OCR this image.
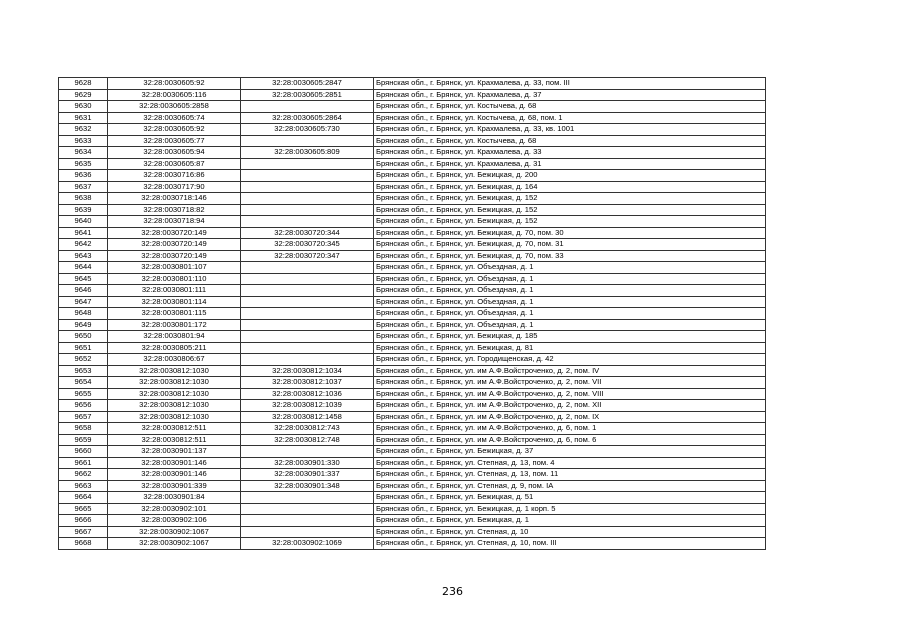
9628	32:28:0030605:92	32:28:0030605:2847	Брянская обл., г. Брянск, ул. Крахмалева, д. 33, пом. III
9629	32:28:0030605:116	32:28:0030605:2851	Брянская обл., г. Брянск, ул. Крахмалева, д. 37
9630	32:28:0030605:2858		Брянская обл., г. Брянск, ул. Костычева, д. 68
9631	32:28:0030605:74	32:28:0030605:2864	Брянская обл., г. Брянск, ул. Костычева, д. 68, пом. 1
9632	32:28:0030605:92	32:28:0030605:730	Брянская обл., г. Брянск, ул. Крахмалева, д. 33, кв. 1001
9633	32:28:0030605:77		Брянская обл., г. Брянск, ул. Костычева, д. 68
9634	32:28:0030605:94	32:28:0030605:809	Брянская обл., г. Брянск, ул. Крахмалева, д. 33
9635	32:28:0030605:87		Брянская обл., г. Брянск, ул. Крахмалева, д. 31
9636	32:28:0030716:86		Брянская обл., г. Брянск, ул. Бежицкая, д. 200
9637	32:28:0030717:90		Брянская обл., г. Брянск, ул. Бежицкая, д. 164
9638	32:28:0030718:146		Брянская обл., г. Брянск, ул. Бежицкая, д. 152
9639	32:28:0030718:82		Брянская обл., г. Брянск, ул. Бежицкая, д. 152
9640	32:28:0030718:94		Брянская обл., г. Брянск, ул. Бежицкая, д. 152
9641	32:28:0030720:149	32:28:0030720:344	Брянская обл., г. Брянск, ул. Бежицкая, д. 70, пом. 30
9642	32:28:0030720:149	32:28:0030720:345	Брянская обл., г. Брянск, ул. Бежицкая, д. 70, пом. 31
9643	32:28:0030720:149	32:28:0030720:347	Брянская обл., г. Брянск, ул. Бежицкая, д. 70, пом. 33
9644	32:28:0030801:107		Брянская обл., г. Брянск, ул. Объездная, д. 1
9645	32:28:0030801:110		Брянская обл., г. Брянск, ул. Объездная, д. 1
9646	32:28:0030801:111		Брянская обл., г. Брянск, ул. Объездная, д. 1
9647	32:28:0030801:114		Брянская обл., г. Брянск, ул. Объездная, д. 1
9648	32:28:0030801:115		Брянская обл., г. Брянск, ул. Объездная, д. 1
9649	32:28:0030801:172		Брянская обл., г. Брянск, ул. Объездная, д. 1
9650	32:28:0030801:94		Брянская обл., г. Брянск, ул. Бежицкая, д. 185
9651	32:28:0030805:211		Брянская обл., г. Брянск, ул. Бежицкая, д. 81
9652	32:28:0030806:67		Брянская обл., г. Брянск, ул. Городищенская, д. 42
9653	32:28:0030812:1030	32:28:0030812:1034	Брянская обл., г. Брянск, ул. им А.Ф.Войстроченко, д. 2, пом. IV
9654	32:28:0030812:1030	32:28:0030812:1037	Брянская обл., г. Брянск, ул. им А.Ф.Войстроченко, д. 2, пом. VII
9655	32:28:0030812:1030	32:28:0030812:1036	Брянская обл., г. Брянск, ул. им А.Ф.Войстроченко, д. 2, пом. VIII
9656	32:28:0030812:1030	32:28:0030812:1039	Брянская обл., г. Брянск, ул. им А.Ф.Войстроченко, д. 2, пом. XII
9657	32:28:0030812:1030	32:28:0030812:1458	Брянская обл., г. Брянск, ул. им А.Ф.Войстроченко, д. 2, пом. IX
9658	32:28:0030812:511	32:28:0030812:743	Брянская обл., г. Брянск, ул. им А.Ф.Войстроченко, д. 6, пом. 1
9659	32:28:0030812:511	32:28:0030812:748	Брянская обл., г. Брянск, ул. им А.Ф.Войстроченко, д. 6, пом. 6
9660	32:28:0030901:137		Брянская обл., г. Брянск, ул. Бежицкая, д. 37
9661	32:28:0030901:146	32:28:0030901:330	Брянская обл., г. Брянск, ул. Степная, д. 13, пом. 4
9662	32:28:0030901:146	32:28:0030901:337	Брянская обл., г. Брянск, ул. Степная, д. 13, пом. 11
9663	32:28:0030901:339	32:28:0030901:348	Брянская обл., г. Брянск, ул. Степная, д. 9, пом. IA
9664	32:28:0030901:84		Брянская обл., г. Брянск, ул. Бежицкая, д. 51
9665	32:28:0030902:101		Брянская обл., г. Брянск, ул. Бежицкая, д. 1 корп. 5
9666	32:28:0030902:106		Брянская обл., г. Брянск, ул. Бежицкая, д. 1
9667	32:28:0030902:1067		Брянская обл., г. Брянск, ул. Степная, д. 10
9668	32:28:0030902:1067	32:28:0030902:1069	Брянская обл., г. Брянск, ул. Степная, д. 10, пом. III
236
